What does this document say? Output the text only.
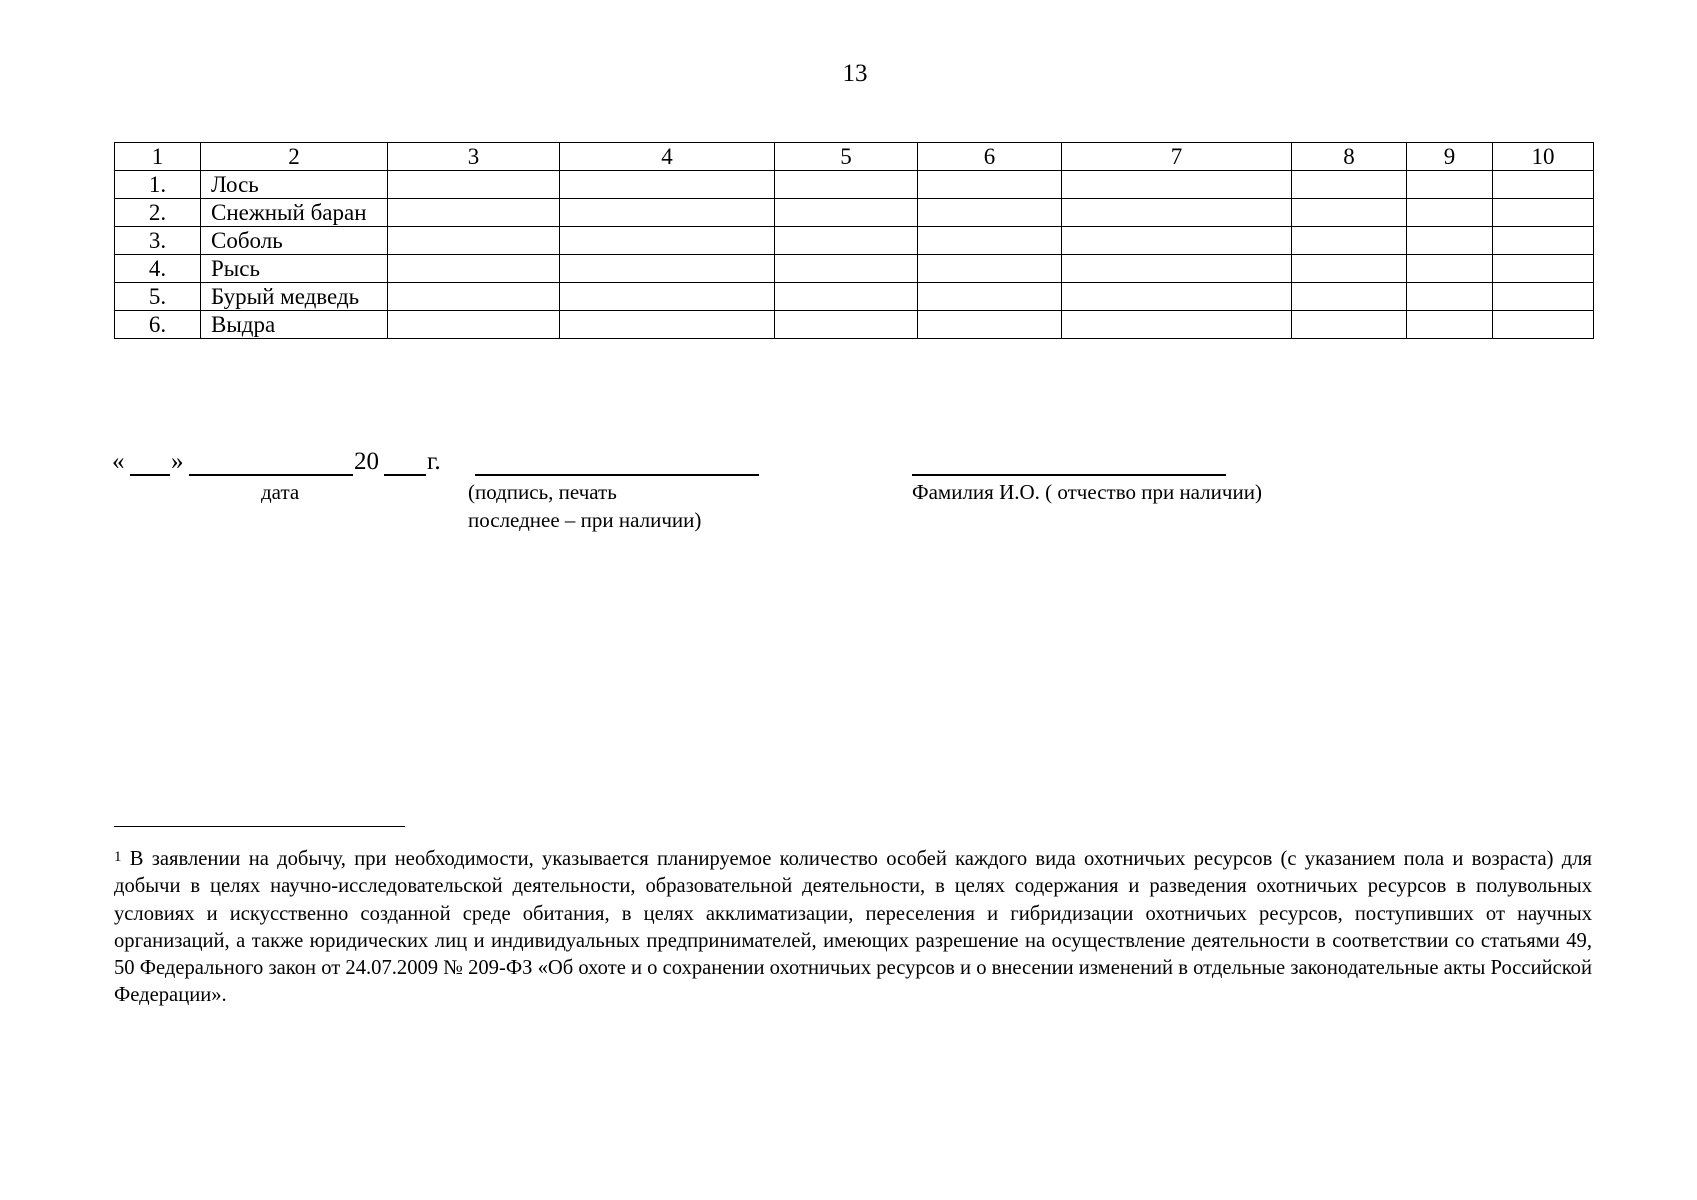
13
1	2	3	4	5	6	7	8	9	10
1.	Лось								
2.	Снежный баран								
3.	Соболь								
4.	Рысь								
5.	Бурый медведь								
6.	Выдра								
« »	20 г.
дата	(подпись, печать
последнее – при наличии)
Фамилия И.О. ( отчество при наличии)
$^1$ В заявлении на добычу, при необходимости, указывается планируемое количество особей каждого вида охотничьих ресурсов (с указанием пола и возраста) для добычи в целях научно-исследовательской деятельности, образовательной деятельности, в целях содержания и разведения охотничьих ресурсов в полувольных условиях и искусственно созданной среде обитания, в целях акклиматизации, переселения и гибридизации охотничьих ресурсов, поступивших от научных организаций, а также юридических лиц и индивидуальных предпринимателей, имеющих разрешение на осуществление деятельности в соответствии со статьями 49, 50 Федерального закон от 24.07.2009 № 209-ФЗ «Об охоте и о сохранении охотничьих ресурсов и о внесении изменений в отдельные законодательные акты Российской Федерации».
